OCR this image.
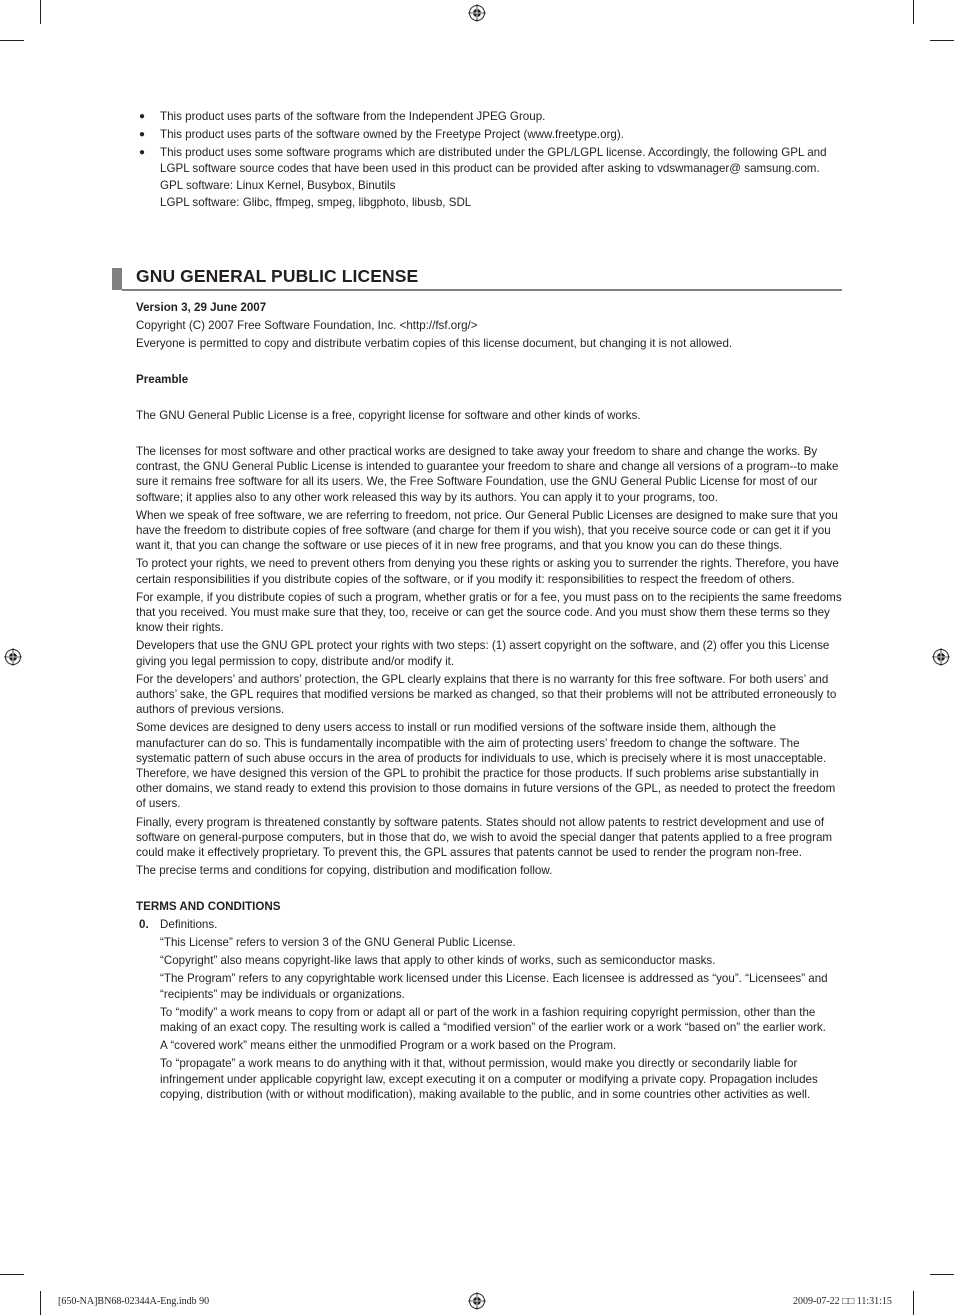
● This product uses parts of the software from the Independent JPEG Group.
● This product uses parts of the software owned by the Freetype Project (www.freetype.org).
● This product uses some software programs which are distributed under the GPL/LGPL license. Accordingly, the following GPL and LGPL software source codes that have been used in this product can be provided after asking to vdswmanager@ samsung.com.

GPL software: Linux Kernel, Busybox, Binutils

LGPL software: Glibc, ffmpeg, smpeg, libgphoto, libusb, SDL

GNU GENERAL PUBLIC LICENSE

Version 3, 29 June 2007

Copyright (C) 2007 Free Software Foundation, Inc. <http://fsf.org/>

Everyone is permitted to copy and distribute verbatim copies of this license document, but changing it is not allowed.

Preamble

The GNU General Public License is a free, copyright license for software and other kinds of works.

The licenses for most software and other practical works are designed to take away your freedom to share and change the works. By contrast, the GNU General Public License is intended to guarantee your freedom to share and change all versions of a program--to make sure it remains free software for all its users. We, the Free Software Foundation, use the GNU General Public License for most of our software; it applies also to any other work released this way by its authors. You can apply it to your programs, too.

When we speak of free software, we are referring to freedom, not price. Our General Public Licenses are designed to make sure that you have the freedom to distribute copies of free software (and charge for them if you wish), that you receive source code or can get it if you want it, that you can change the software or use pieces of it in new free programs, and that you know you can do these things.

To protect your rights, we need to prevent others from denying you these rights or asking you to surrender the rights. Therefore, you have certain responsibilities if you distribute copies of the software, or if you modify it: responsibilities to respect the freedom of others.

For example, if you distribute copies of such a program, whether gratis or for a fee, you must pass on to the recipients the same freedoms that you received. You must make sure that they, too, receive or can get the source code. And you must show them these terms so they know their rights.

Developers that use the GNU GPL protect your rights with two steps: (1) assert copyright on the software, and (2) offer you this License giving you legal permission to copy, distribute and/or modify it.

For the developers’ and authors’ protection, the GPL clearly explains that there is no warranty for this free software. For both users’ and authors’ sake, the GPL requires that modified versions be marked as changed, so that their problems will not be attributed erroneously to authors of previous versions.

Some devices are designed to deny users access to install or run modified versions of the software inside them, although the manufacturer can do so. This is fundamentally incompatible with the aim of protecting users’ freedom to change the software. The systematic pattern of such abuse occurs in the area of products for individuals to use, which is precisely where it is most unacceptable. Therefore, we have designed this version of the GPL to prohibit the practice for those products. If such problems arise substantially in other domains, we stand ready to extend this provision to those domains in future versions of the GPL, as needed to protect the freedom of users.

Finally, every program is threatened constantly by software patents. States should not allow patents to restrict development and use of software on general-purpose computers, but in those that do, we wish to avoid the special danger that patents applied to a free program could make it effectively proprietary. To prevent this, the GPL assures that patents cannot be used to render the program non-free.

The precise terms and conditions for copying, distribution and modification follow.

TERMS AND CONDITIONS

0. Definitions.

“This License” refers to version 3 of the GNU General Public License.

“Copyright” also means copyright-like laws that apply to other kinds of works, such as semiconductor masks.

“The Program” refers to any copyrightable work licensed under this License. Each licensee is addressed as “you”. “Licensees” and “recipients” may be individuals or organizations.

To “modify” a work means to copy from or adapt all or part of the work in a fashion requiring copyright permission, other than the making of an exact copy. The resulting work is called a “modified version” of the earlier work or a work “based on” the earlier work.

A “covered work” means either the unmodified Program or a work based on the Program.

To “propagate” a work means to do anything with it that, without permission, would make you directly or secondarily liable for infringement under applicable copyright law, except executing it on a computer or modifying a private copy. Propagation includes copying, distribution (with or without modification), making available to the public, and in some countries other activities as well.

[650-NA]BN68-02344A-Eng.indb 90	2009-07-22 □□ 11:31:15
